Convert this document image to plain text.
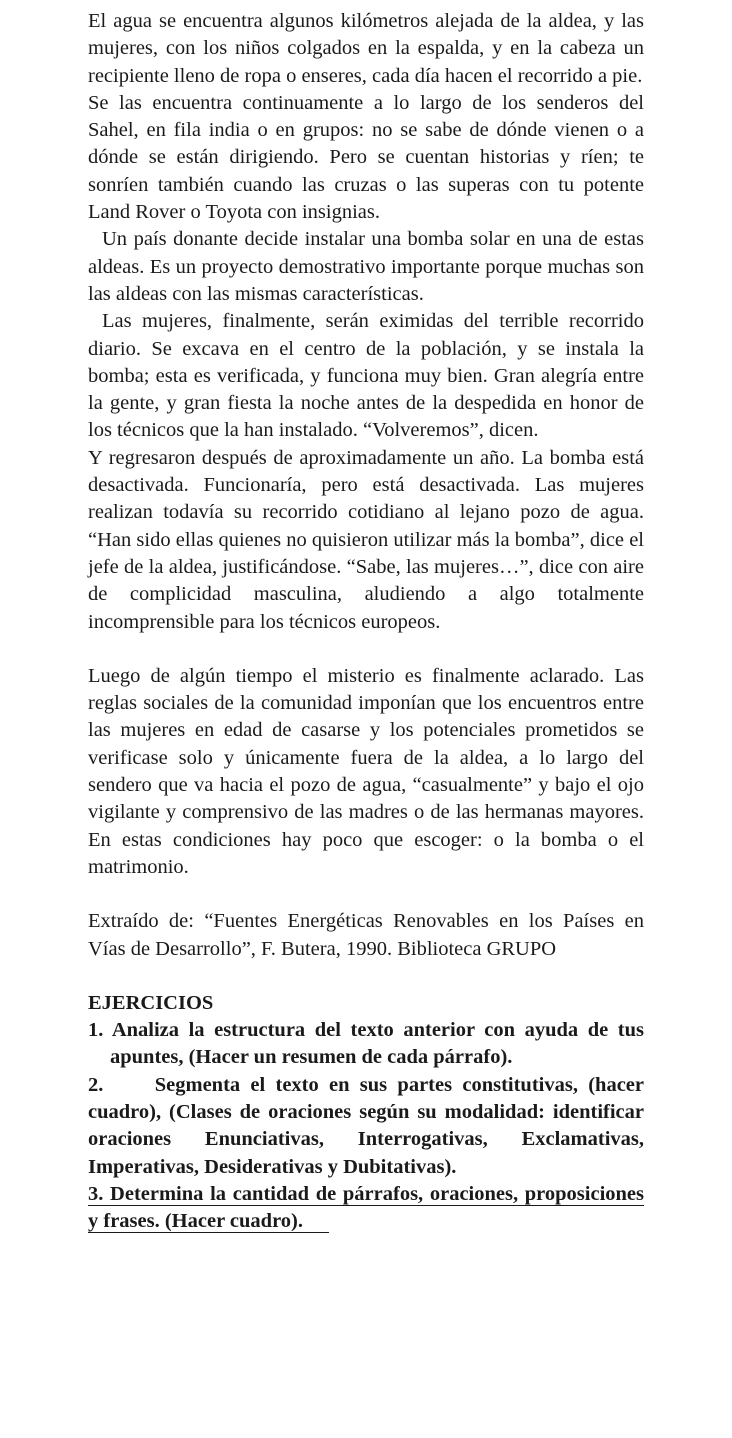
El agua se encuentra algunos kilómetros alejada de la aldea, y las mujeres, con los niños colgados en la espalda, y en la cabeza un recipiente lleno de ropa o enseres, cada día hacen el recorrido a pie.

Se las encuentra continuamente a lo largo de los senderos del Sahel, en fila india o en grupos: no se sabe de dónde vienen o a dónde se están dirigiendo. Pero se cuentan historias y ríen; te sonríen también cuando las cruzas o las superas con tu potente Land Rover o Toyota con insignias.

Un país donante decide instalar una bomba solar en una de estas aldeas. Es un proyecto demostrativo importante porque muchas son las aldeas con las mismas características.

Las mujeres, finalmente, serán eximidas del terrible recorrido diario. Se excava en el centro de la población, y se instala la bomba; esta es verificada, y funciona muy bien. Gran alegría entre la gente, y gran fiesta la noche antes de la despedida en honor de los técnicos que la han instalado. “Volveremos”, dicen.

Y regresaron después de aproximadamente un año. La bomba está desactivada. Funcionaría, pero está desactivada. Las mujeres realizan todavía su recorrido cotidiano al lejano pozo de agua. “Han sido ellas quienes no quisieron utilizar más la bomba”, dice el jefe de la aldea, justificándose. “Sabe, las mujeres…”, dice con aire de complicidad masculina, aludiendo a algo totalmente incomprensible para los técnicos europeos.

Luego de algún tiempo el misterio es finalmente aclarado. Las reglas sociales de la comunidad imponían que los encuentros entre las mujeres en edad de casarse y los potenciales prometidos se verificase solo y únicamente fuera de la aldea, a lo largo del sendero que va hacia el pozo de agua, “casualmente” y bajo el ojo vigilante y comprensivo de las madres o de las hermanas mayores. En estas condiciones hay poco que escoger: o la bomba o el matrimonio.

Extraído de: “Fuentes Energéticas Renovables en los Países en Vías de Desarrollo”, F. Butera, 1990. Biblioteca GRUPO

EJERCICIOS

1. Analiza la estructura del texto anterior con ayuda de tus apuntes, (Hacer un resumen de cada párrafo).

2.     Segmenta el texto en sus partes constitutivas, (hacer cuadro), (Clases de oraciones según su modalidad: identificar oraciones Enunciativas, Interrogativas, Exclamativas, Imperativas, Desiderativas y Dubitativas).

3. Determina la cantidad de párrafos, oraciones, proposiciones y frases. (Hacer cuadro).
